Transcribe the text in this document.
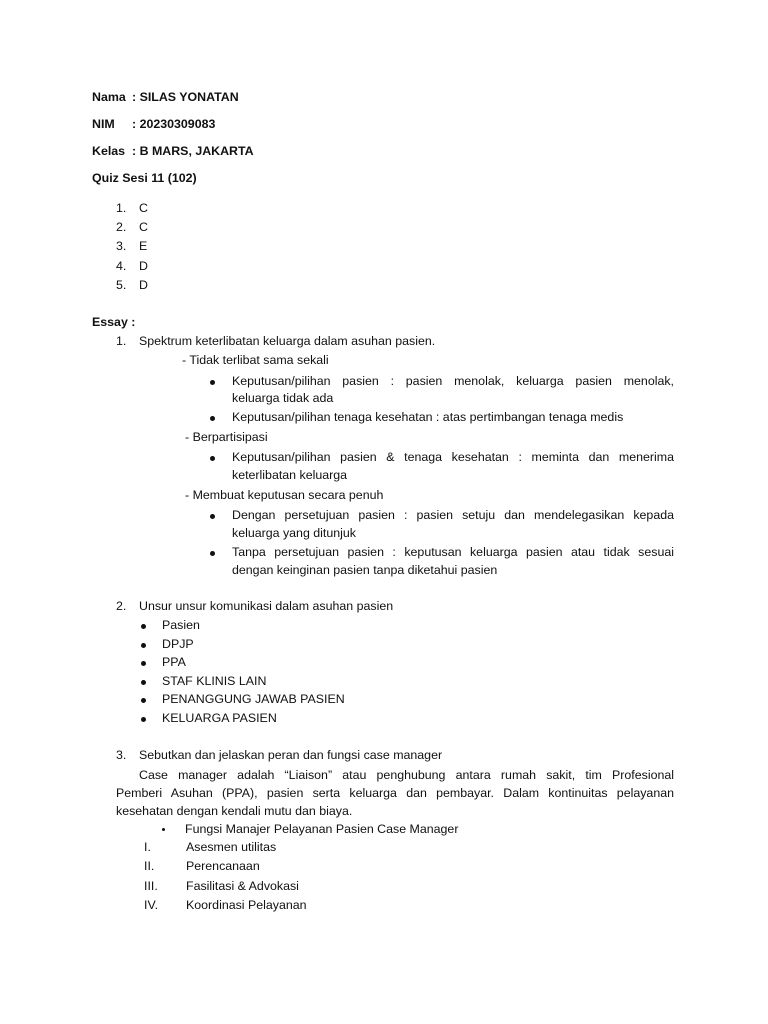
Nama : SILAS YONATAN
NIM : 20230309083
Kelas : B MARS, JAKARTA
Quiz Sesi 11 (102)
1. C
2. C
3. E
4. D
5. D
Essay :
1. Spektrum keterlibatan keluarga dalam asuhan pasien.
- Tidak terlibat sama sekali
Keputusan/pilihan pasien : pasien menolak, keluarga pasien menolak,
keluarga tidak ada
Keputusan/pilihan tenaga kesehatan : atas pertimbangan tenaga medis
- Berpartisipasi
Keputusan/pilihan pasien & tenaga kesehatan : meminta dan menerima
keterlibatan keluarga
- Membuat keputusan secara penuh
Dengan persetujuan pasien : pasien setuju dan mendelegasikan kepada
keluarga yang ditunjuk
Tanpa persetujuan pasien : keputusan keluarga pasien atau tidak sesuai
dengan keinginan pasien tanpa diketahui pasien
2. Unsur unsur komunikasi dalam asuhan pasien
Pasien
DPJP
PPA
STAF KLINIS LAIN
PENANGGUNG JAWAB PASIEN
KELUARGA PASIEN
3. Sebutkan dan jelaskan peran dan fungsi case manager
Case manager adalah “Liaison” atau penghubung antara rumah sakit, tim Profesional
Pemberi Asuhan (PPA), pasien serta keluarga dan pembayar. Dalam kontinuitas pelayanan
kesehatan dengan kendali mutu dan biaya.
Fungsi Manajer Pelayanan Pasien Case Manager
I.	Asesmen utilitas
II.	Perencanaan
III. Fasilitasi & Advokasi
IV. Koordinasi Pelayanan
